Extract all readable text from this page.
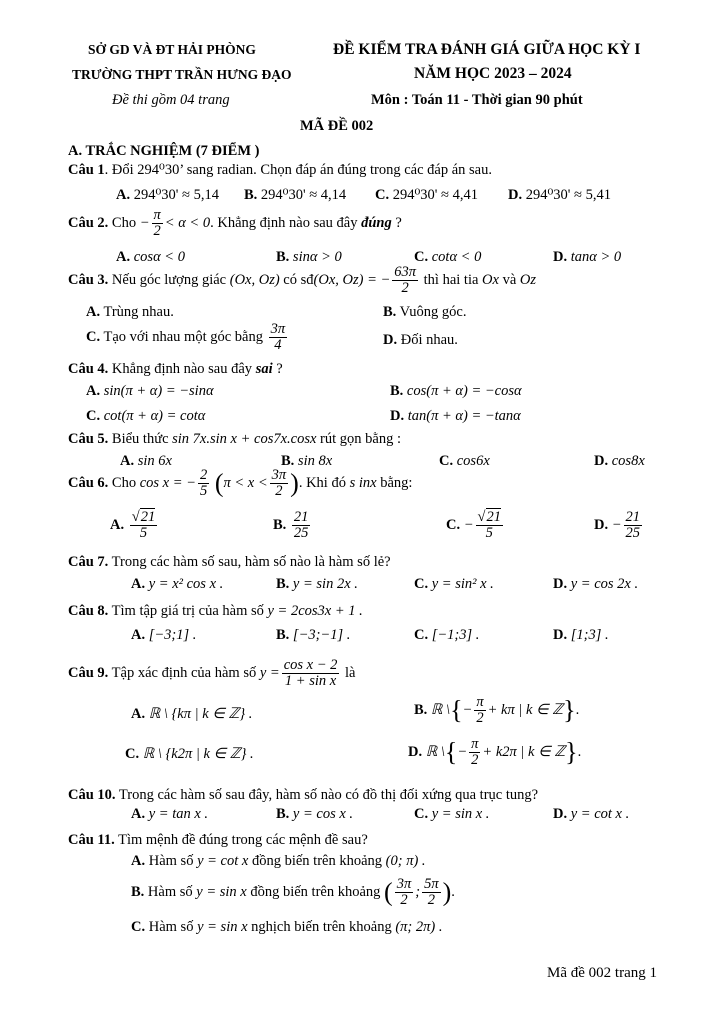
SỞ GD VÀ ĐT HẢI PHÒNG
TRƯỜNG THPT TRẦN HƯNG ĐẠO
Đề thi gồm 04 trang
ĐỀ KIỂM TRA ĐÁNH GIÁ GIỮA HỌC KỲ I
NĂM HỌC 2023 – 2024
Môn : Toán 11 - Thời gian 90 phút
MÃ ĐỀ 002
A. TRẮC NGHIỆM (7 ĐIỂM )
Câu 1. Đổi 294⁰30’ sang radian. Chọn đáp án đúng trong các đáp án sau.
A. 294⁰30' ≈ 5,14 B. 294⁰30' ≈ 4,14 C. 294⁰30' ≈ 4,41 D. 294⁰30' ≈ 5,41
Câu 2. Cho − $\frac{\pi}{2} < \alpha < 0$. Khẳng định nào sau đây đúng ?
A. cosα < 0	B. sinα > 0	C. cotα < 0	D. tanα > 0
Câu 3. Nếu góc lượng giác (Ox, Oz) có sđ(Ox, Oz) = − $\frac{63\pi}{2}$ thì hai tia Ox và Oz
A. Trùng nhau.	B. Vuông góc.
C. Tạo với nhau một góc bằng $\frac{3\pi}{4}$	D. Đối nhau.
Câu 4. Khẳng định nào sau đây sai ?
A. sin(π + α) = −sinα	B. cos(π + α) = −cosα
C. cot(π + α) = cotα	D. tan(π + α) = −tanα
Câu 5. Biểu thức sin 7x.sin x + cos7x.cosx rút gọn bằng :
A. sin 6x	B. sin 8x	C. cos6x	D. cos8x
Câu 6. Cho cos x = − $\frac{2}{5} (\pi < x < \frac{3\pi}{2}$ ). Khi đó s inx bằng:
A. $\frac{√21}{5}$	B. $\frac{21}{25}$	C. − $\frac{√21}{5}$	D. − $\frac{21}{25}$
Câu 7. Trong các hàm số sau, hàm số nào là hàm số lẻ?
A. y = x² cos x .	B. y = sin 2x .	C. y = sin² x .	D. y = cos 2x .
Câu 8. Tìm tập giá trị của hàm số y = 2cos3x + 1 .
A. [−3;1] .	B. [−3;−1] .	C. [−1;3] .	D. [1;3] .
Câu 9. Tập xác định của hàm số $y = \frac{\text{cos x − 2}}{\text{1 + sin x}}$ là
A. ℝ \ {kπ | k ∈ ℤ} .	B. ℝ \{− $\frac{\pi}{2} + k\pi$ | k ∈ ℤ}.
C. ℝ \ {k2π | k ∈ ℤ} .	D. ℝ \{− $\frac{\pi}{2} + k2\pi$ | k ∈ ℤ}.
Câu 10. Trong các hàm số sau đây, hàm số nào có đồ thị đối xứng qua trục tung?
A. y = tan x .	B. y = cos x .	C. y = sin x .	D. y = cot x .
Câu 11. Tìm mệnh đề đúng trong các mệnh đề sau?
A. Hàm số y = cot x đồng biến trên khoảng (0; π) .
B. Hàm số y = sin x đồng biến trên khoảng ( $\frac{3\pi}{2}$ ; $\frac{5\pi}{2}$ ).
C. Hàm số y = sin x nghịch biến trên khoảng (π; 2π) .
Mã đề 002 trang 1
